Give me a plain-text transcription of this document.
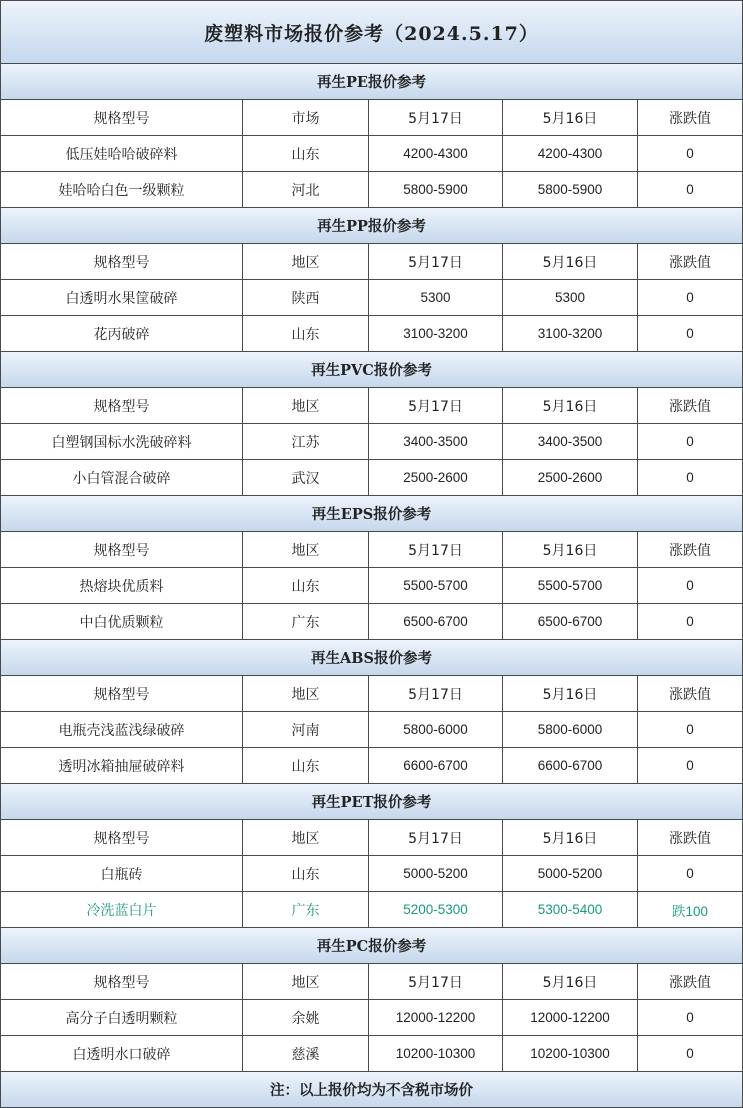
废塑料市场报价参考（2024.5.17）
再生PE报价参考
规格型号	市场	5月17日	5月16日	涨跌值
低压娃哈哈破碎料	山东	4200-4300	4200-4300	0
娃哈哈白色一级颗粒	河北	5800-5900	5800-5900	0
再生PP报价参考
规格型号	地区	5月17日	5月16日	涨跌值
白透明水果筐破碎	陕西	5300	5300	0
花丙破碎	山东	3100-3200	3100-3200	0
再生PVC报价参考
规格型号	地区	5月17日	5月16日	涨跌值
白塑钢国标水洗破碎料	江苏	3400-3500	3400-3500	0
小白管混合破碎	武汉	2500-2600	2500-2600	0
再生EPS报价参考
规格型号	地区	5月17日	5月16日	涨跌值
热熔块优质料	山东	5500-5700	5500-5700	0
中白优质颗粒	广东	6500-6700	6500-6700	0
再生ABS报价参考
规格型号	地区	5月17日	5月16日	涨跌值
电瓶壳浅蓝浅绿破碎	河南	5800-6000	5800-6000	0
透明冰箱抽屉破碎料	山东	6600-6700	6600-6700	0
再生PET报价参考
规格型号	地区	5月17日	5月16日	涨跌值
白瓶砖	山东	5000-5200	5000-5200	0
冷洗蓝白片	广东	5200-5300	5300-5400	跌100
再生PC报价参考
规格型号	地区	5月17日	5月16日	涨跌值
高分子白透明颗粒	余姚	12000-12200	12000-12200	0
白透明水口破碎	慈溪	10200-10300	10200-10300	0
注：以上报价均为不含税市场价
